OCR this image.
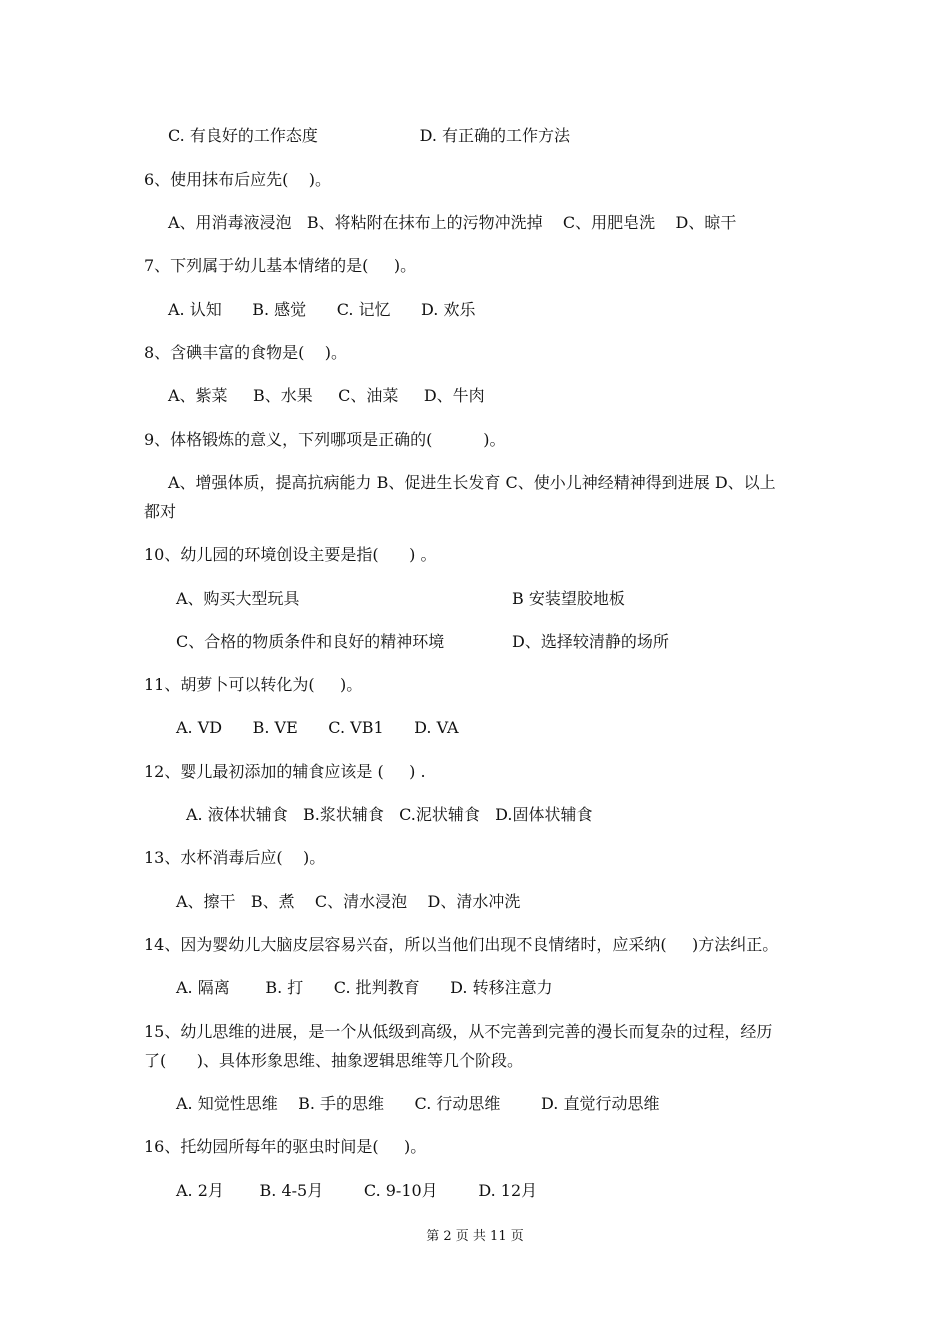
C. 有良好的工作态度                    D. 有正确的工作方法
6、使用抹布后应先(    )。
A、用消毒液浸泡   B、将粘附在抹布上的污物冲洗掉    C、用肥皂洗    D、晾干
7、下列属于幼儿基本情绪的是(     )。
A. 认知      B. 感觉      C. 记忆      D. 欢乐
8、含碘丰富的食物是(    )。
A、紫菜     B、水果     C、油菜     D、牛肉
9、体格锻炼的意义，下列哪项是正确的(          )。
A、增强体质，提高抗病能力 B、促进生长发育 C、使小儿神经精神得到进展 D、以上
都对
10、幼儿园的环境创设主要是指(      ) 。
A、购买大型玩具	B 安装望胶地板
C、合格的物质条件和良好的精神环境	D、选择较清静的场所
11、胡萝卜可以转化为(     )。
A. VD      B. VE      C. VB1      D. VA
12、婴儿最初添加的辅食应该是 (     ) .
A. 液体状辅食   B.浆状辅食   C.泥状辅食   D.固体状辅食
13、水杯消毒后应(    )。
A、擦干   B、煮    C、清水浸泡    D、清水冲洗
14、因为婴幼儿大脑皮层容易兴奋，所以当他们出现不良情绪时，应采纳(     )方法纠正。
A. 隔离       B. 打      C. 批判教育      D. 转移注意力
15、幼儿思维的进展，是一个从低级到高级，从不完善到完善的漫长而复杂的过程，经历
了(      )、具体形象思维、抽象逻辑思维等几个阶段。
A. 知觉性思维    B. 手的思维      C. 行动思维        D. 直觉行动思维
16、托幼园所每年的驱虫时间是(     )。
A. 2月       B. 4-5月        C. 9-10月        D. 12月
第 2 页 共 11 页
